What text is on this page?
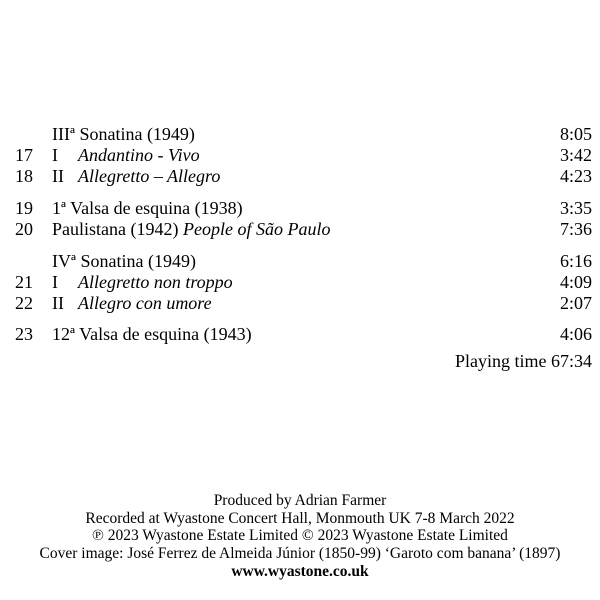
IIIª Sonatina (1949)	8:05
17 I Andantino - Vivo	3:42
18 II Allegretto – Allegro	4:23
19 1ª Valsa de esquina (1938)	3:35
20 Paulistana (1942) People of São Paulo	7:36
IVª Sonatina (1949)	6:16
21 I Allegretto non troppo	4:09
22 II Allegro con umore	2:07
23 12ª Valsa de esquina (1943)	4:06
Playing time 67:34
Produced by Adrian Farmer
Recorded at Wyastone Concert Hall, Monmouth UK 7-8 March 2022
℗ 2023 Wyastone Estate Limited © 2023 Wyastone Estate Limited
Cover image: José Ferrez de Almeida Júnior (1850-99) ‘Garoto com banana’ (1897)
www.wyastone.co.uk
